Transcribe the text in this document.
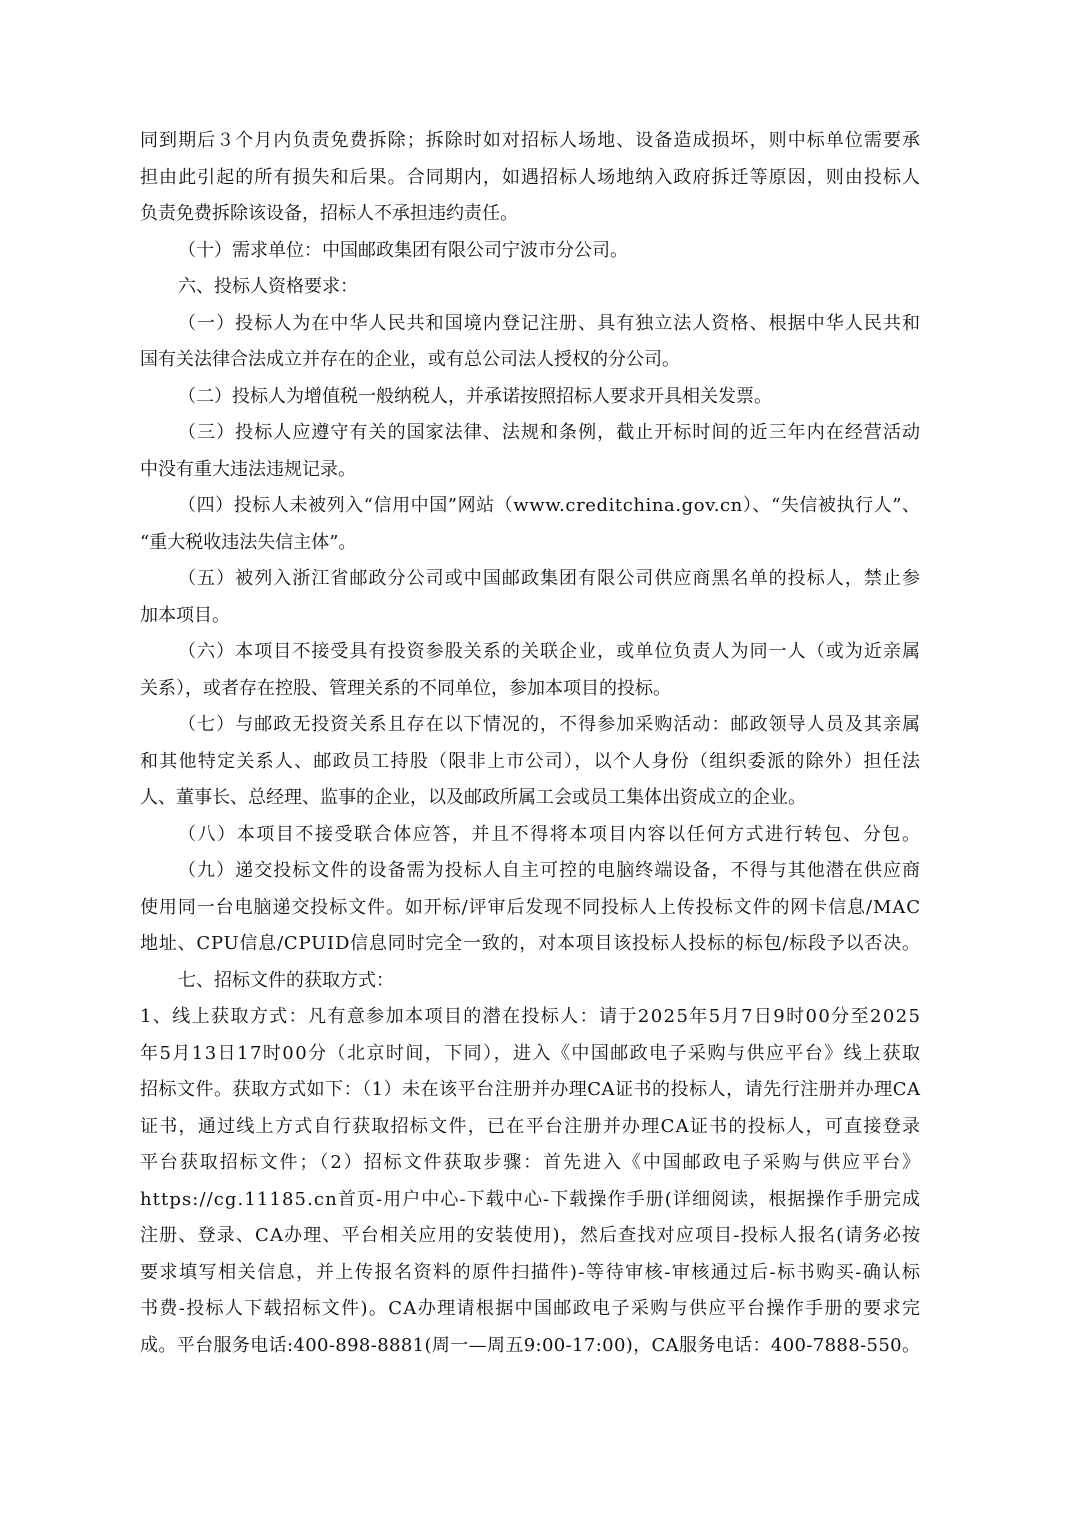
同到期后３个月内负责免费拆除；拆除时如对招标人场地、设备造成损坏，则中标单位需要承
担由此引起的所有损失和后果。合同期内，如遇招标人场地纳入政府拆迁等原因，则由投标人
负责免费拆除该设备，招标人不承担违约责任。
（十）需求单位：中国邮政集团有限公司宁波市分公司。
六、投标人资格要求：
（一）投标人为在中华人民共和国境内登记注册、具有独立法人资格、根据中华人民共和
国有关法律合法成立并存在的企业，或有总公司法人授权的分公司。
（二）投标人为增值税一般纳税人，并承诺按照招标人要求开具相关发票。
（三）投标人应遵守有关的国家法律、法规和条例，截止开标时间的近三年内在经营活动
中没有重大违法违规记录。
（四）投标人未被列入“信用中国”网站（www.creditchina.gov.cn）、“失信被执行人”、
“重大税收违法失信主体”。
（五）被列入浙江省邮政分公司或中国邮政集团有限公司供应商黑名单的投标人，禁止参
加本项目。
（六）本项目不接受具有投资参股关系的关联企业，或单位负责人为同一人（或为近亲属
关系），或者存在控股、管理关系的不同单位，参加本项目的投标。
（七）与邮政无投资关系且存在以下情况的，不得参加采购活动：邮政领导人员及其亲属
和其他特定关系人、邮政员工持股（限非上市公司），以个人身份（组织委派的除外）担任法
人、董事长、总经理、监事的企业，以及邮政所属工会或员工集体出资成立的企业。
（八）本项目不接受联合体应答，并且不得将本项目内容以任何方式进行转包、分包。
（九）递交投标文件的设备需为投标人自主可控的电脑终端设备，不得与其他潜在供应商
使用同一台电脑递交投标文件。如开标/评审后发现不同投标人上传投标文件的网卡信息/MAC
地址、CPU信息/CPUID信息同时完全一致的，对本项目该投标人投标的标包/标段予以否决。
七、招标文件的获取方式：
1、线上获取方式：凡有意参加本项目的潜在投标人：请于2025年5月7日9时00分至2025
年5月13日17时00分（北京时间，下同），进入《中国邮政电子采购与供应平台》线上获取
招标文件。获取方式如下：（1）未在该平台注册并办理CA证书的投标人，请先行注册并办理CA
证书，通过线上方式自行获取招标文件，已在平台注册并办理CA证书的投标人，可直接登录
平台获取招标文件；（2）招标文件获取步骤：首先进入《中国邮政电子采购与供应平台》
https://cg.11185.cn首页-用户中心-下载中心-下载操作手册(详细阅读，根据操作手册完成
注册、登录、CA办理、平台相关应用的安装使用)，然后查找对应项目-投标人报名(请务必按
要求填写相关信息，并上传报名资料的原件扫描件)-等待审核-审核通过后-标书购买-确认标
书费-投标人下载招标文件)。CA办理请根据中国邮政电子采购与供应平台操作手册的要求完
成。平台服务电话:400-898-8881(周一—周五9:00-17:00)，CA服务电话：400-7888-550。
